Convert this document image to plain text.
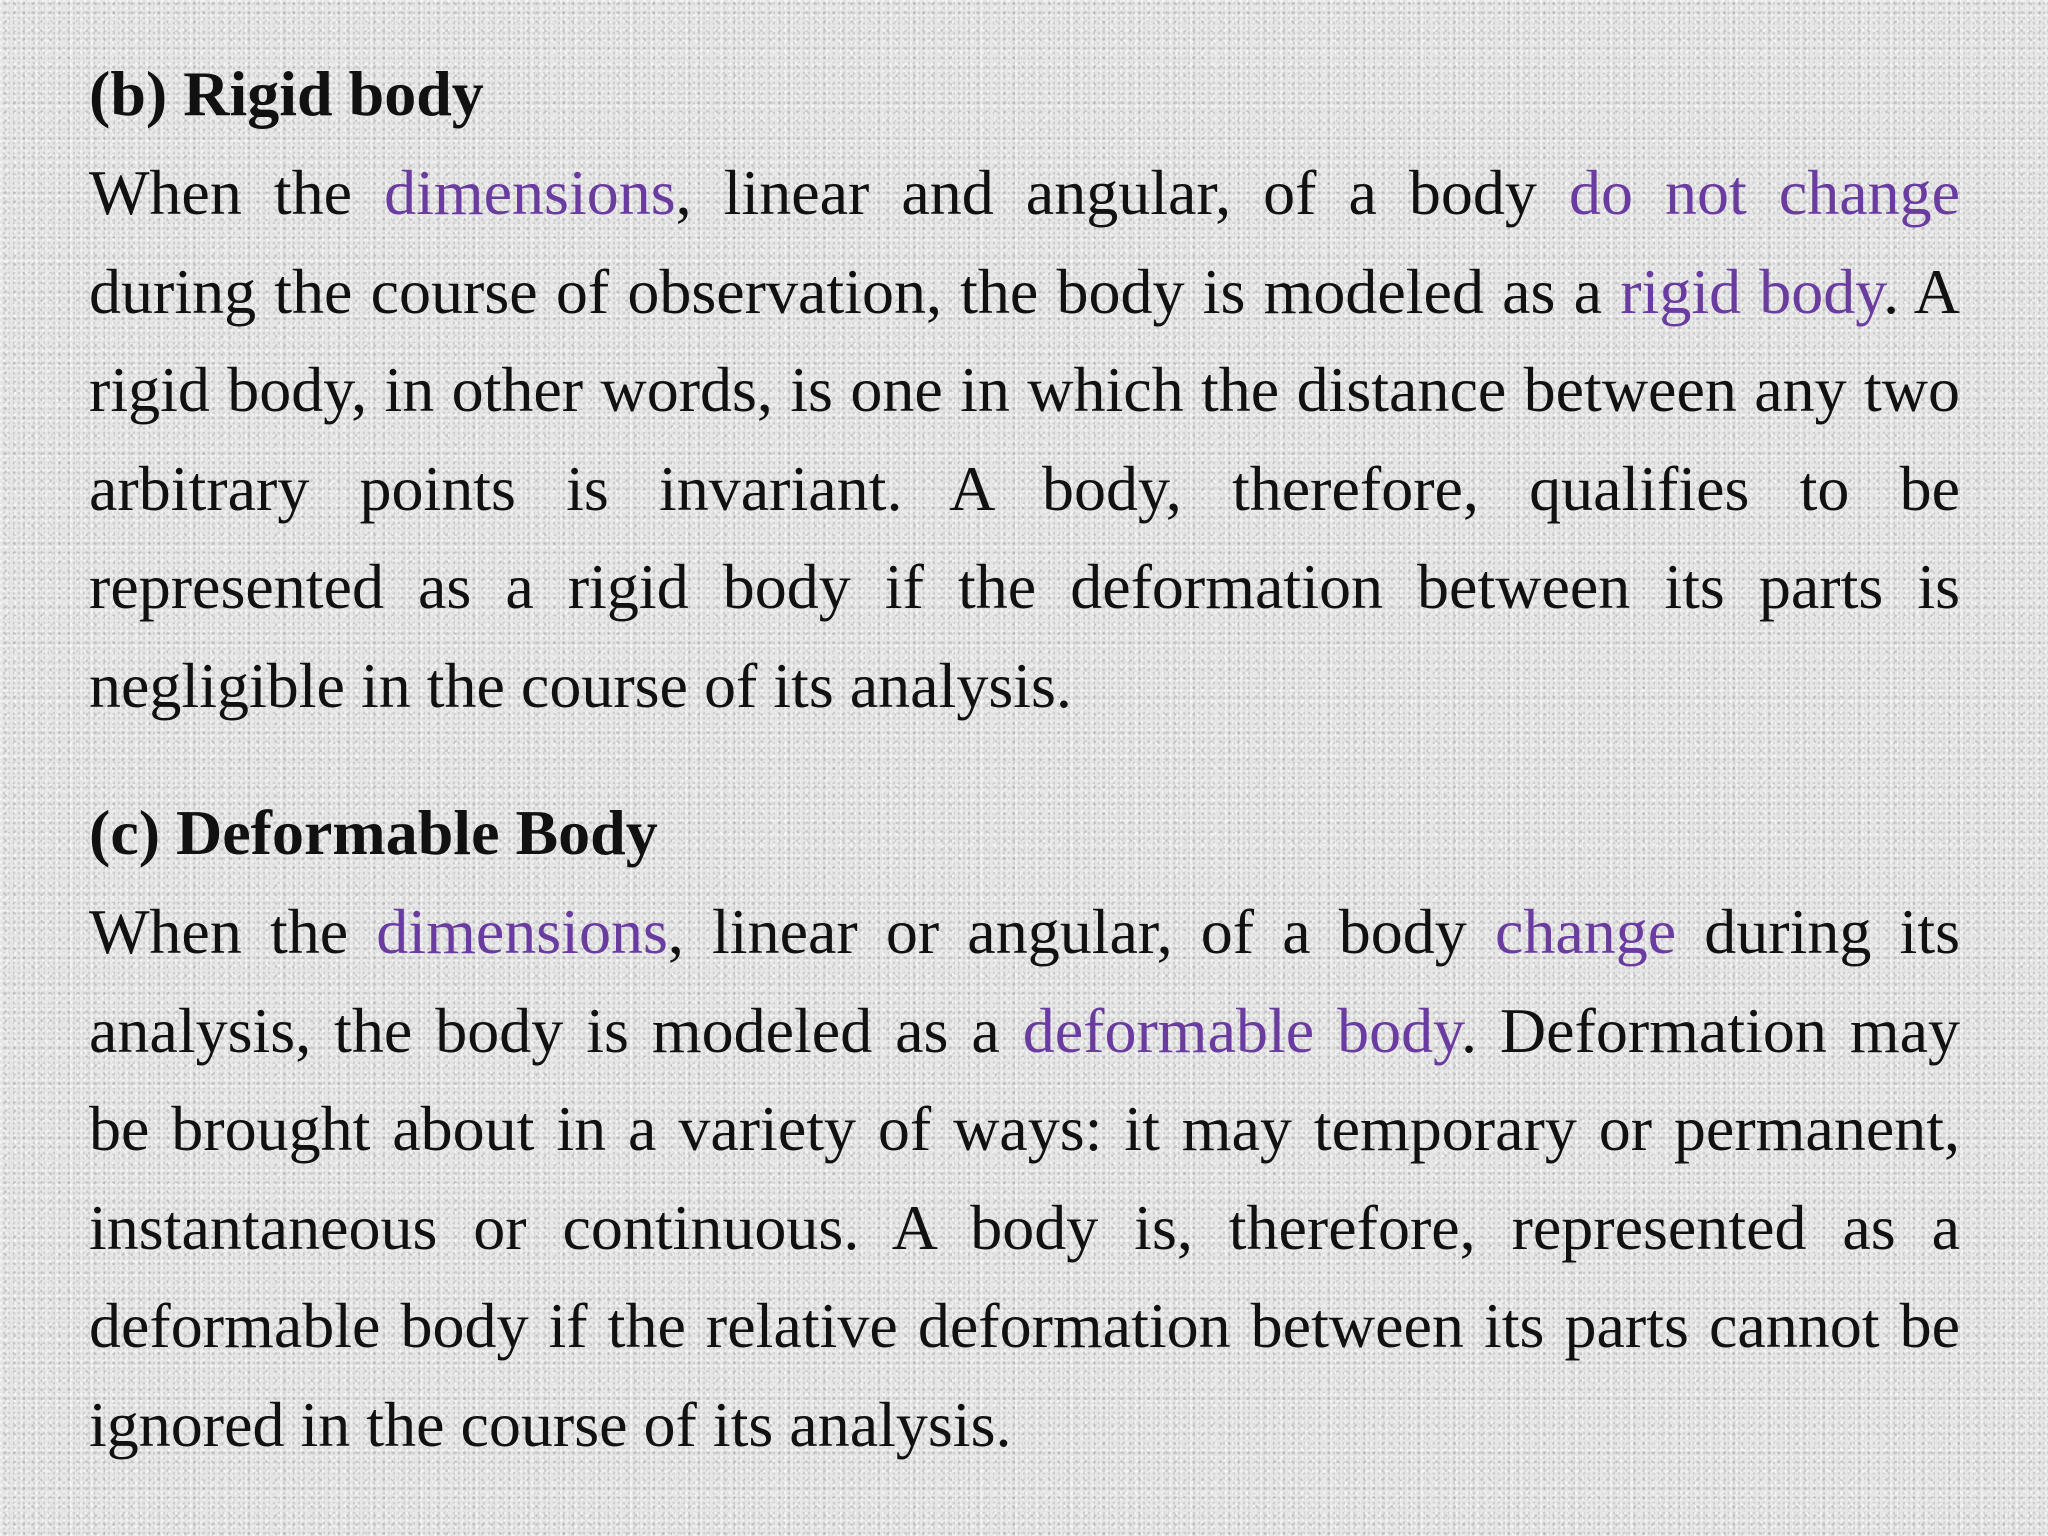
(b) Rigid body

When the dimensions, linear and angular, of a body do not change during the course of observation, the body is modeled as a rigid body. A rigid body, in other words, is one in which the distance between any two arbitrary points is invariant. A body, therefore, qualifies to be represented as a rigid body if the deformation between its parts is negligible in the course of its analysis.

(c) Deformable Body

When the dimensions, linear or angular, of a body change during its analysis, the body is modeled as a deformable body. Deformation may be brought about in a variety of ways: it may temporary or permanent, instantaneous or continuous. A body is, therefore, represented as a deformable body if the relative deformation between its parts cannot be ignored in the course of its analysis.
